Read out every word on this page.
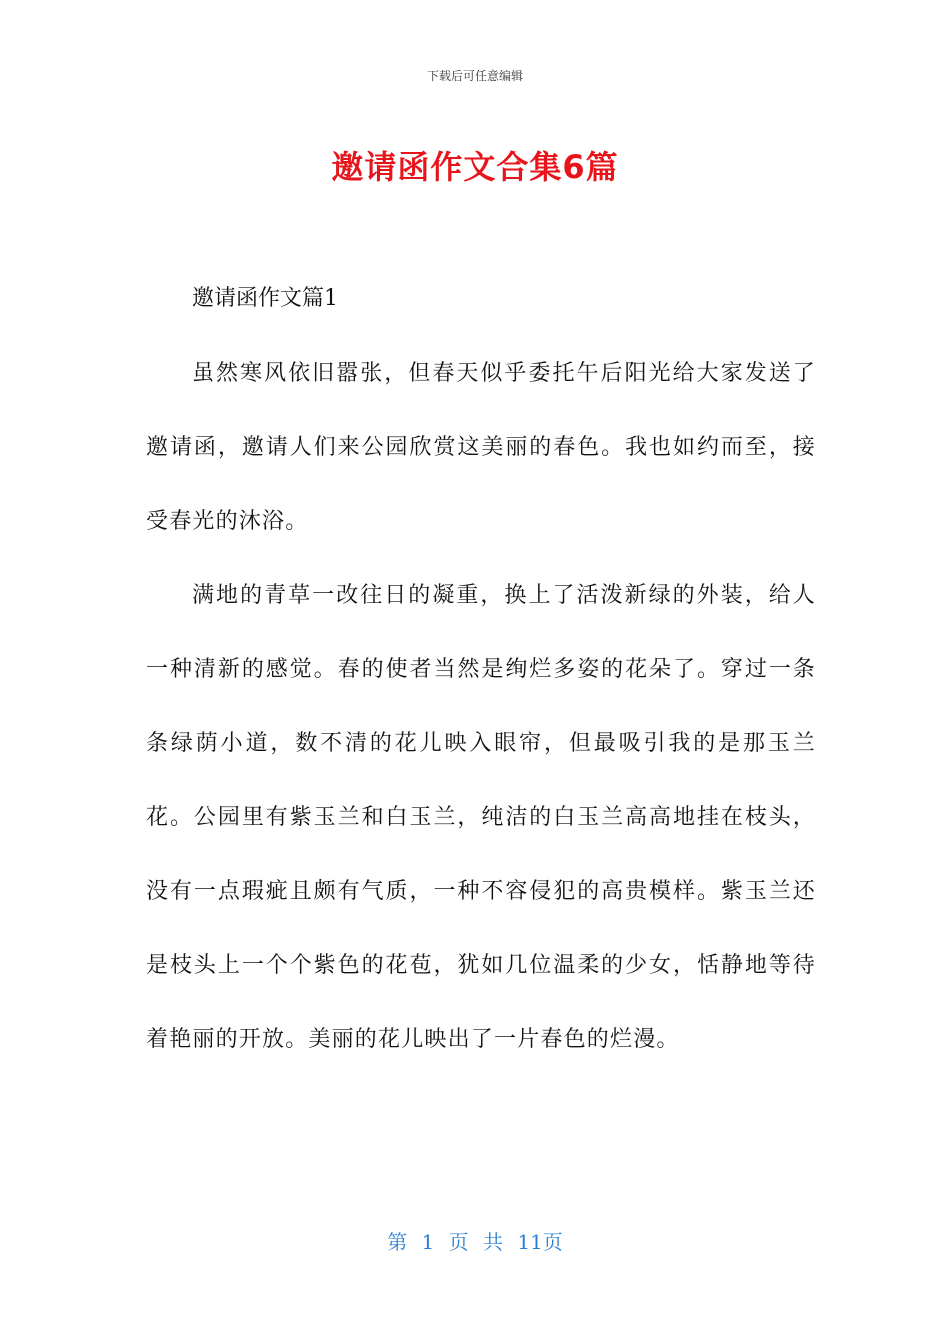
下载后可任意编辑
邀请函作文合集6篇

邀请函作文篇1

虽然寒风依旧嚣张，但春天似乎委托午后阳光给大家发送了邀请函，邀请人们来公园欣赏这美丽的春色。我也如约而至，接受春光的沐浴。

满地的青草一改往日的凝重，换上了活泼新绿的外装，给人一种清新的感觉。春的使者当然是绚烂多姿的花朵了。穿过一条条绿荫小道，数不清的花儿映入眼帘，但最吸引我的是那玉兰花。公园里有紫玉兰和白玉兰，纯洁的白玉兰高高地挂在枝头，没有一点瑕疵且颇有气质，一种不容侵犯的高贵模样。紫玉兰还是枝头上一个个紫色的花苞，犹如几位温柔的少女，恬静地等待着艳丽的开放。美丽的花儿映出了一片春色的烂漫。

第 1 页 共 11页
